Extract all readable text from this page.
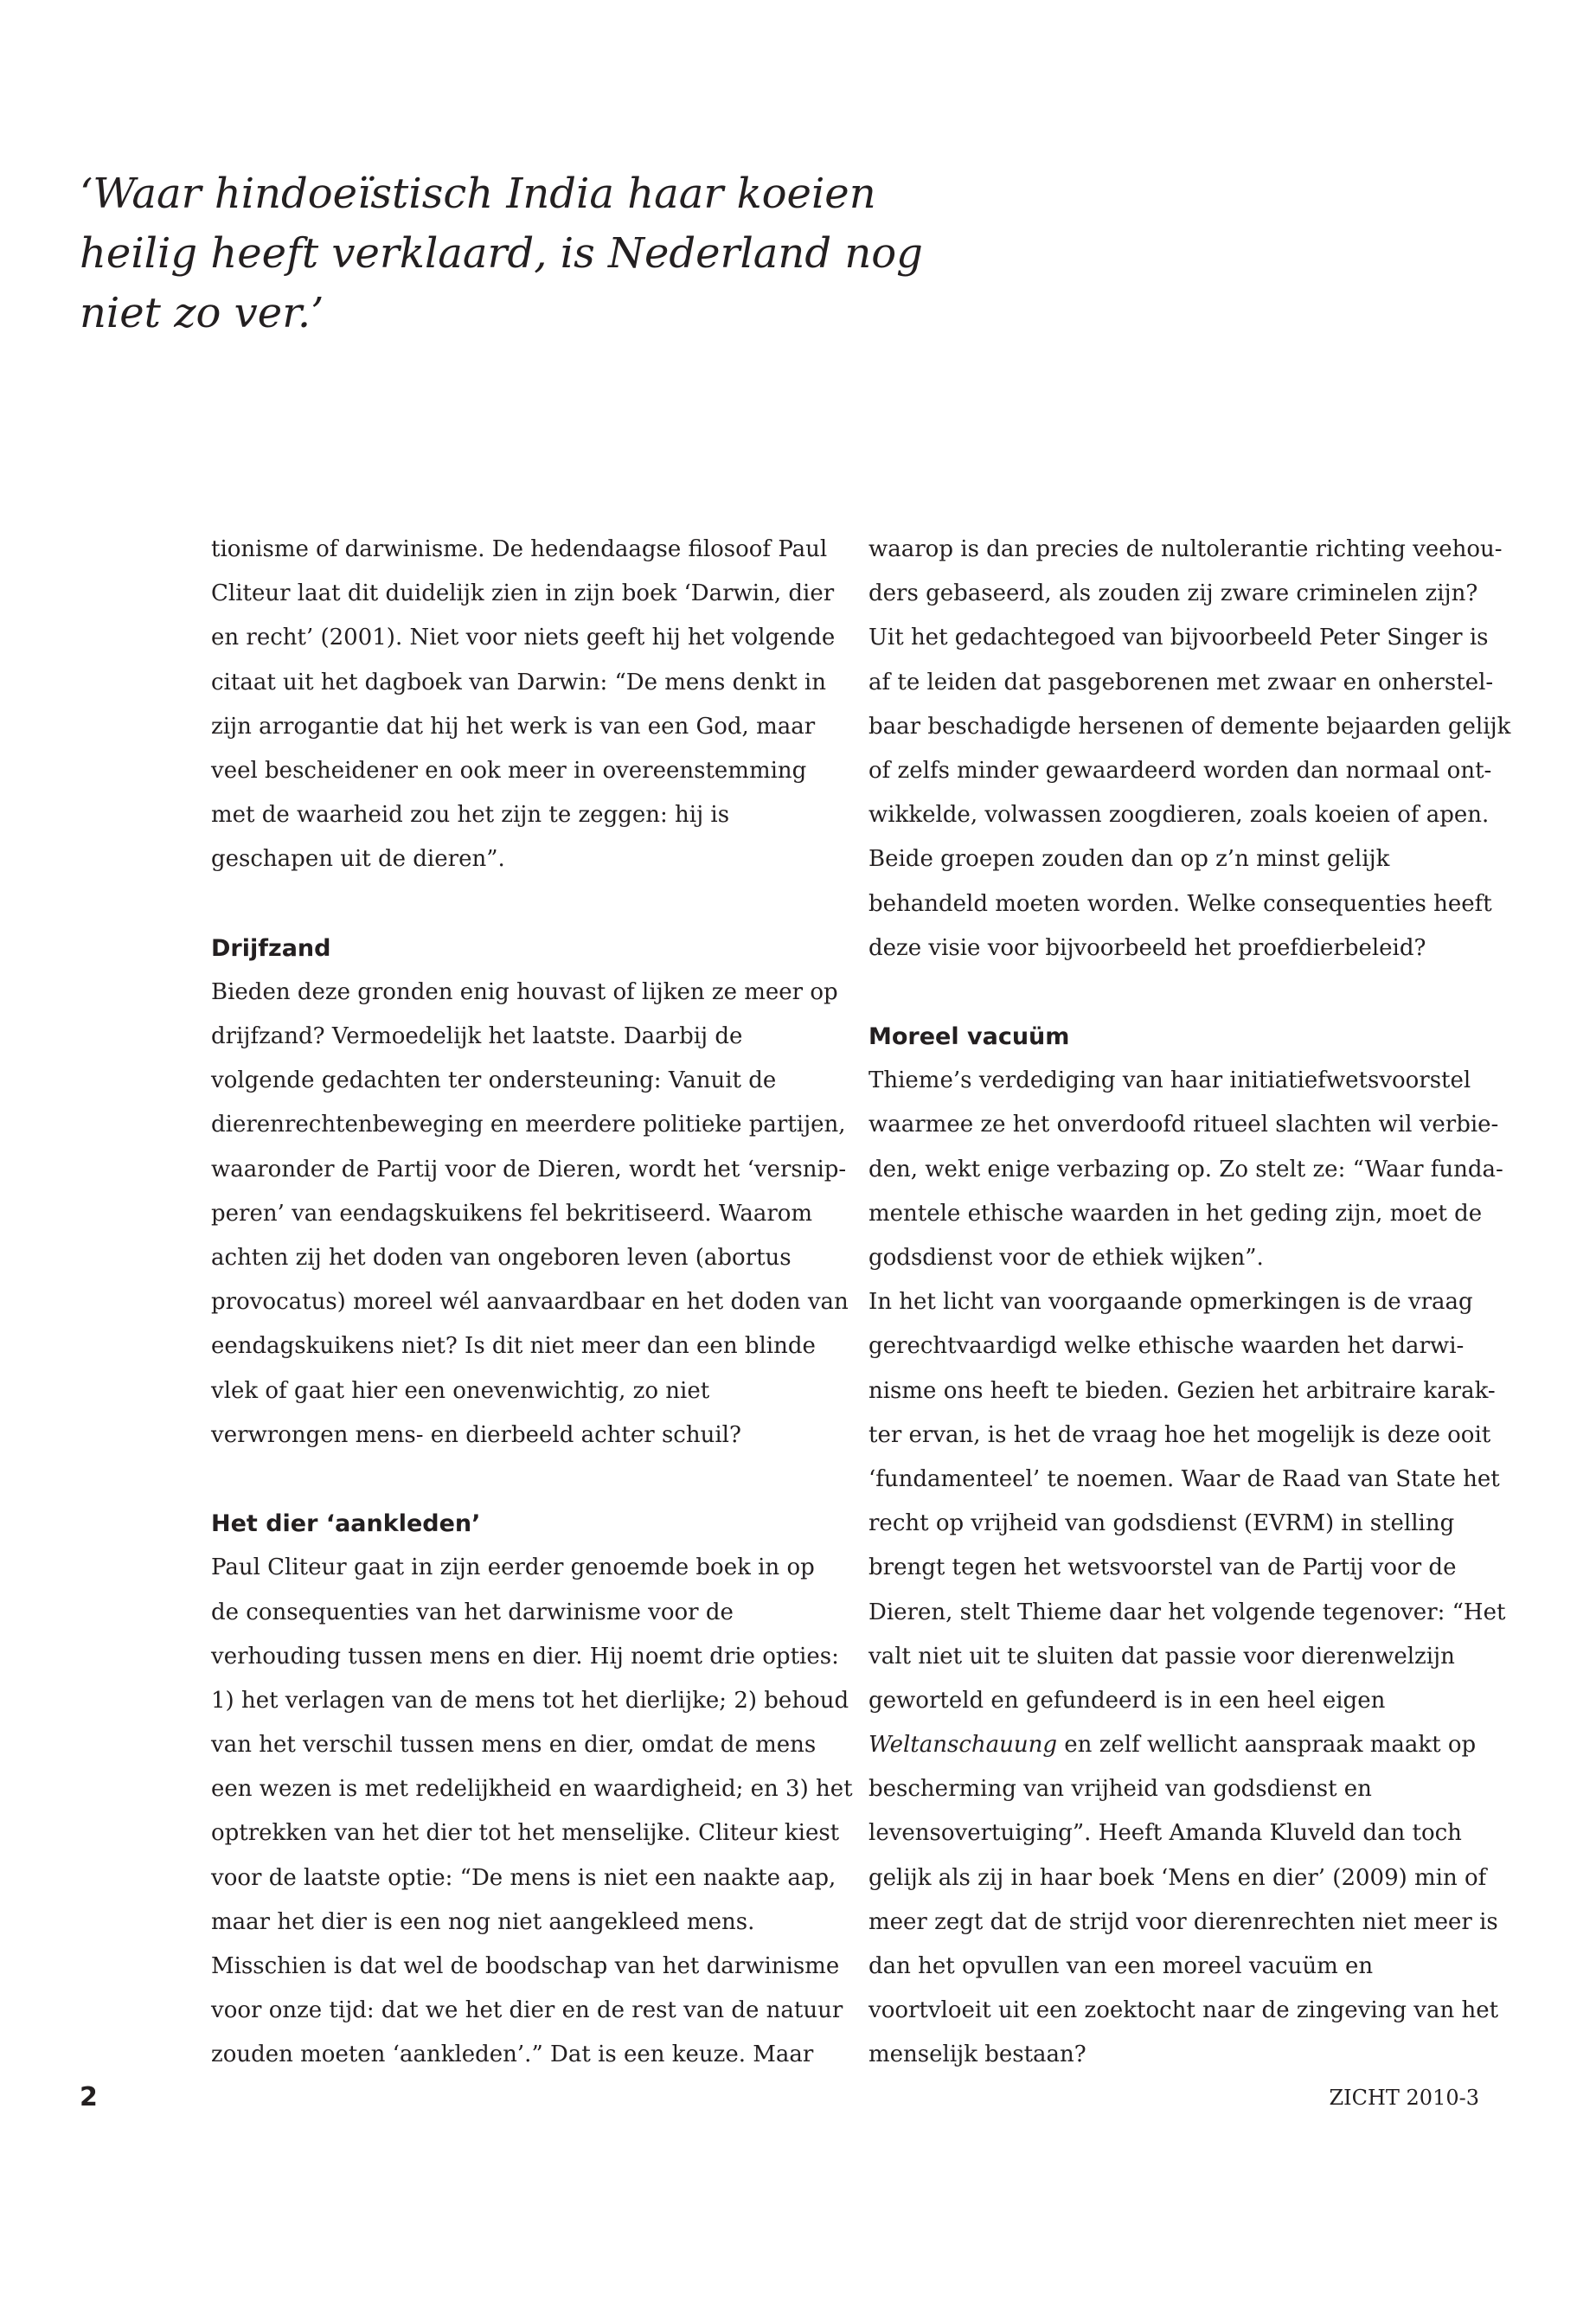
‘Waar hindoeïstisch India haar koeien
heilig heeft verklaard, is Nederland nog
niet zo ver.’
tionisme of darwinisme. De hedendaagse filosoof Paul
Cliteur laat dit duidelijk zien in zijn boek ‘Darwin, dier
en recht’ (2001). Niet voor niets geeft hij het volgende
citaat uit het dagboek van Darwin: “De mens denkt in
zijn arrogantie dat hij het werk is van een God, maar
veel bescheidener en ook meer in overeenstemming
met de waarheid zou het zijn te zeggen: hij is
geschapen uit de dieren”.
Drijfzand
Bieden deze gronden enig houvast of lijken ze meer op
drijfzand? Vermoedelijk het laatste. Daarbij de
volgende gedachten ter ondersteuning: Vanuit de
dierenrechtenbeweging en meerdere politieke partijen,
waaronder de Partij voor de Dieren, wordt het ‘versnip-
peren’ van eendagskuikens fel bekritiseerd. Waarom
achten zij het doden van ongeboren leven (abortus
provocatus) moreel wél aanvaardbaar en het doden van
eendagskuikens niet? Is dit niet meer dan een blinde
vlek of gaat hier een onevenwichtig, zo niet
verwrongen mens- en dierbeeld achter schuil?
Het dier ‘aankleden’
Paul Cliteur gaat in zijn eerder genoemde boek in op
de consequenties van het darwinisme voor de
verhouding tussen mens en dier. Hij noemt drie opties:
1) het verlagen van de mens tot het dierlijke; 2) behoud
van het verschil tussen mens en dier, omdat de mens
een wezen is met redelijkheid en waardigheid; en 3) het
optrekken van het dier tot het menselijke. Cliteur kiest
voor de laatste optie: “De mens is niet een naakte aap,
maar het dier is een nog niet aangekleed mens.
Misschien is dat wel de boodschap van het darwinisme
voor onze tijd: dat we het dier en de rest van de natuur
zouden moeten ‘aankleden’.” Dat is een keuze. Maar
waarop is dan precies de nultolerantie richting veehou-
ders gebaseerd, als zouden zij zware criminelen zijn?
Uit het gedachtegoed van bijvoorbeeld Peter Singer is
af te leiden dat pasgeborenen met zwaar en onherstel-
baar beschadigde hersenen of demente bejaarden gelijk
of zelfs minder gewaardeerd worden dan normaal ont-
wikkelde, volwassen zoogdieren, zoals koeien of apen.
Beide groepen zouden dan op z’n minst gelijk
behandeld moeten worden. Welke consequenties heeft
deze visie voor bijvoorbeeld het proefdierbeleid?
Moreel vacuüm
Thieme’s verdediging van haar initiatiefwetsvoorstel
waarmee ze het onverdoofd ritueel slachten wil verbie-
den, wekt enige verbazing op. Zo stelt ze: “Waar funda-
mentele ethische waarden in het geding zijn, moet de
godsdienst voor de ethiek wijken”.
In het licht van voorgaande opmerkingen is de vraag
gerechtvaardigd welke ethische waarden het darwi-
nisme ons heeft te bieden. Gezien het arbitraire karak-
ter ervan, is het de vraag hoe het mogelijk is deze ooit
‘fundamenteel’ te noemen. Waar de Raad van State het
recht op vrijheid van godsdienst (EVRM) in stelling
brengt tegen het wetsvoorstel van de Partij voor de
Dieren, stelt Thieme daar het volgende tegenover: “Het
valt niet uit te sluiten dat passie voor dierenwelzijn
geworteld en gefundeerd is in een heel eigen
Weltanschauung en zelf wellicht aanspraak maakt op
bescherming van vrijheid van godsdienst en
levensovertuiging”. Heeft Amanda Kluveld dan toch
gelijk als zij in haar boek ‘Mens en dier’ (2009) min of
meer zegt dat de strijd voor dierenrechten niet meer is
dan het opvullen van een moreel vacuüm en
voortvloeit uit een zoektocht naar de zingeving van het
menselijk bestaan?

2	ZICHT 2010-3
